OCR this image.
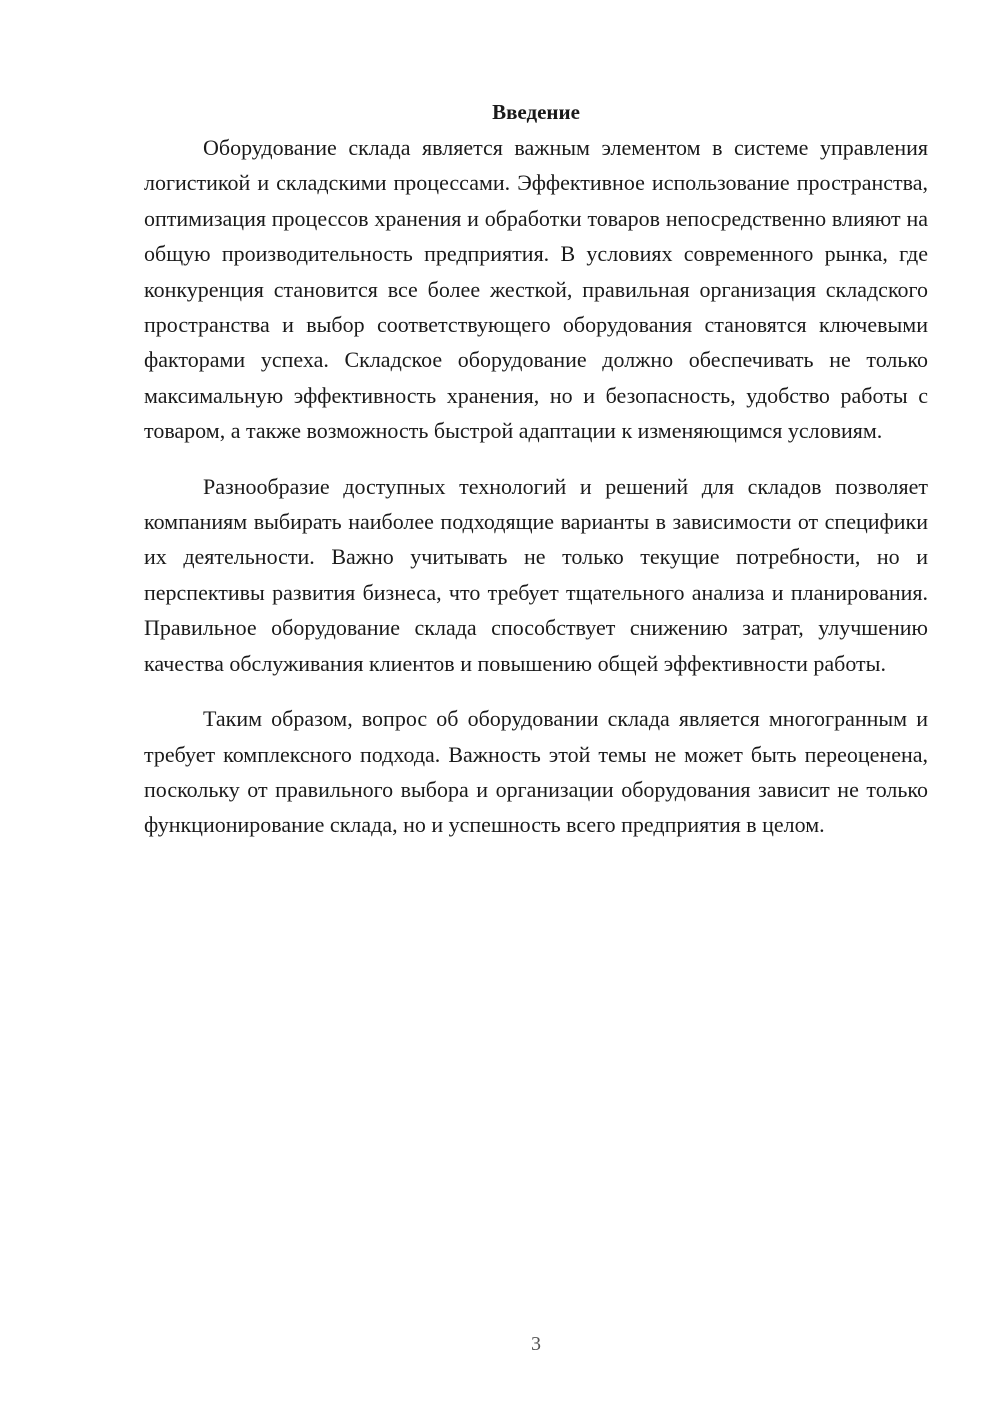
Введение

Оборудование склада является важным элементом в системе управления логистикой и складскими процессами. Эффективное использование пространства, оптимизация процессов хранения и обработки товаров непосредственно влияют на общую производительность предприятия. В условиях современного рынка, где конкуренция становится все более жесткой, правильная организация складского пространства и выбор соответствующего оборудования становятся ключевыми факторами успеха. Складское оборудование должно обеспечивать не только максимальную эффективность хранения, но и безопасность, удобство работы с товаром, а также возможность быстрой адаптации к изменяющимся условиям.

Разнообразие доступных технологий и решений для складов позволяет компаниям выбирать наиболее подходящие варианты в зависимости от специфики их деятельности. Важно учитывать не только текущие потребности, но и перспективы развития бизнеса, что требует тщательного анализа и планирования. Правильное оборудование склада способствует снижению затрат, улучшению качества обслуживания клиентов и повышению общей эффективности работы.

Таким образом, вопрос об оборудовании склада является многогранным и требует комплексного подхода. Важность этой темы не может быть переоценена, поскольку от правильного выбора и организации оборудования зависит не только функционирование склада, но и успешность всего предприятия в целом.

3
